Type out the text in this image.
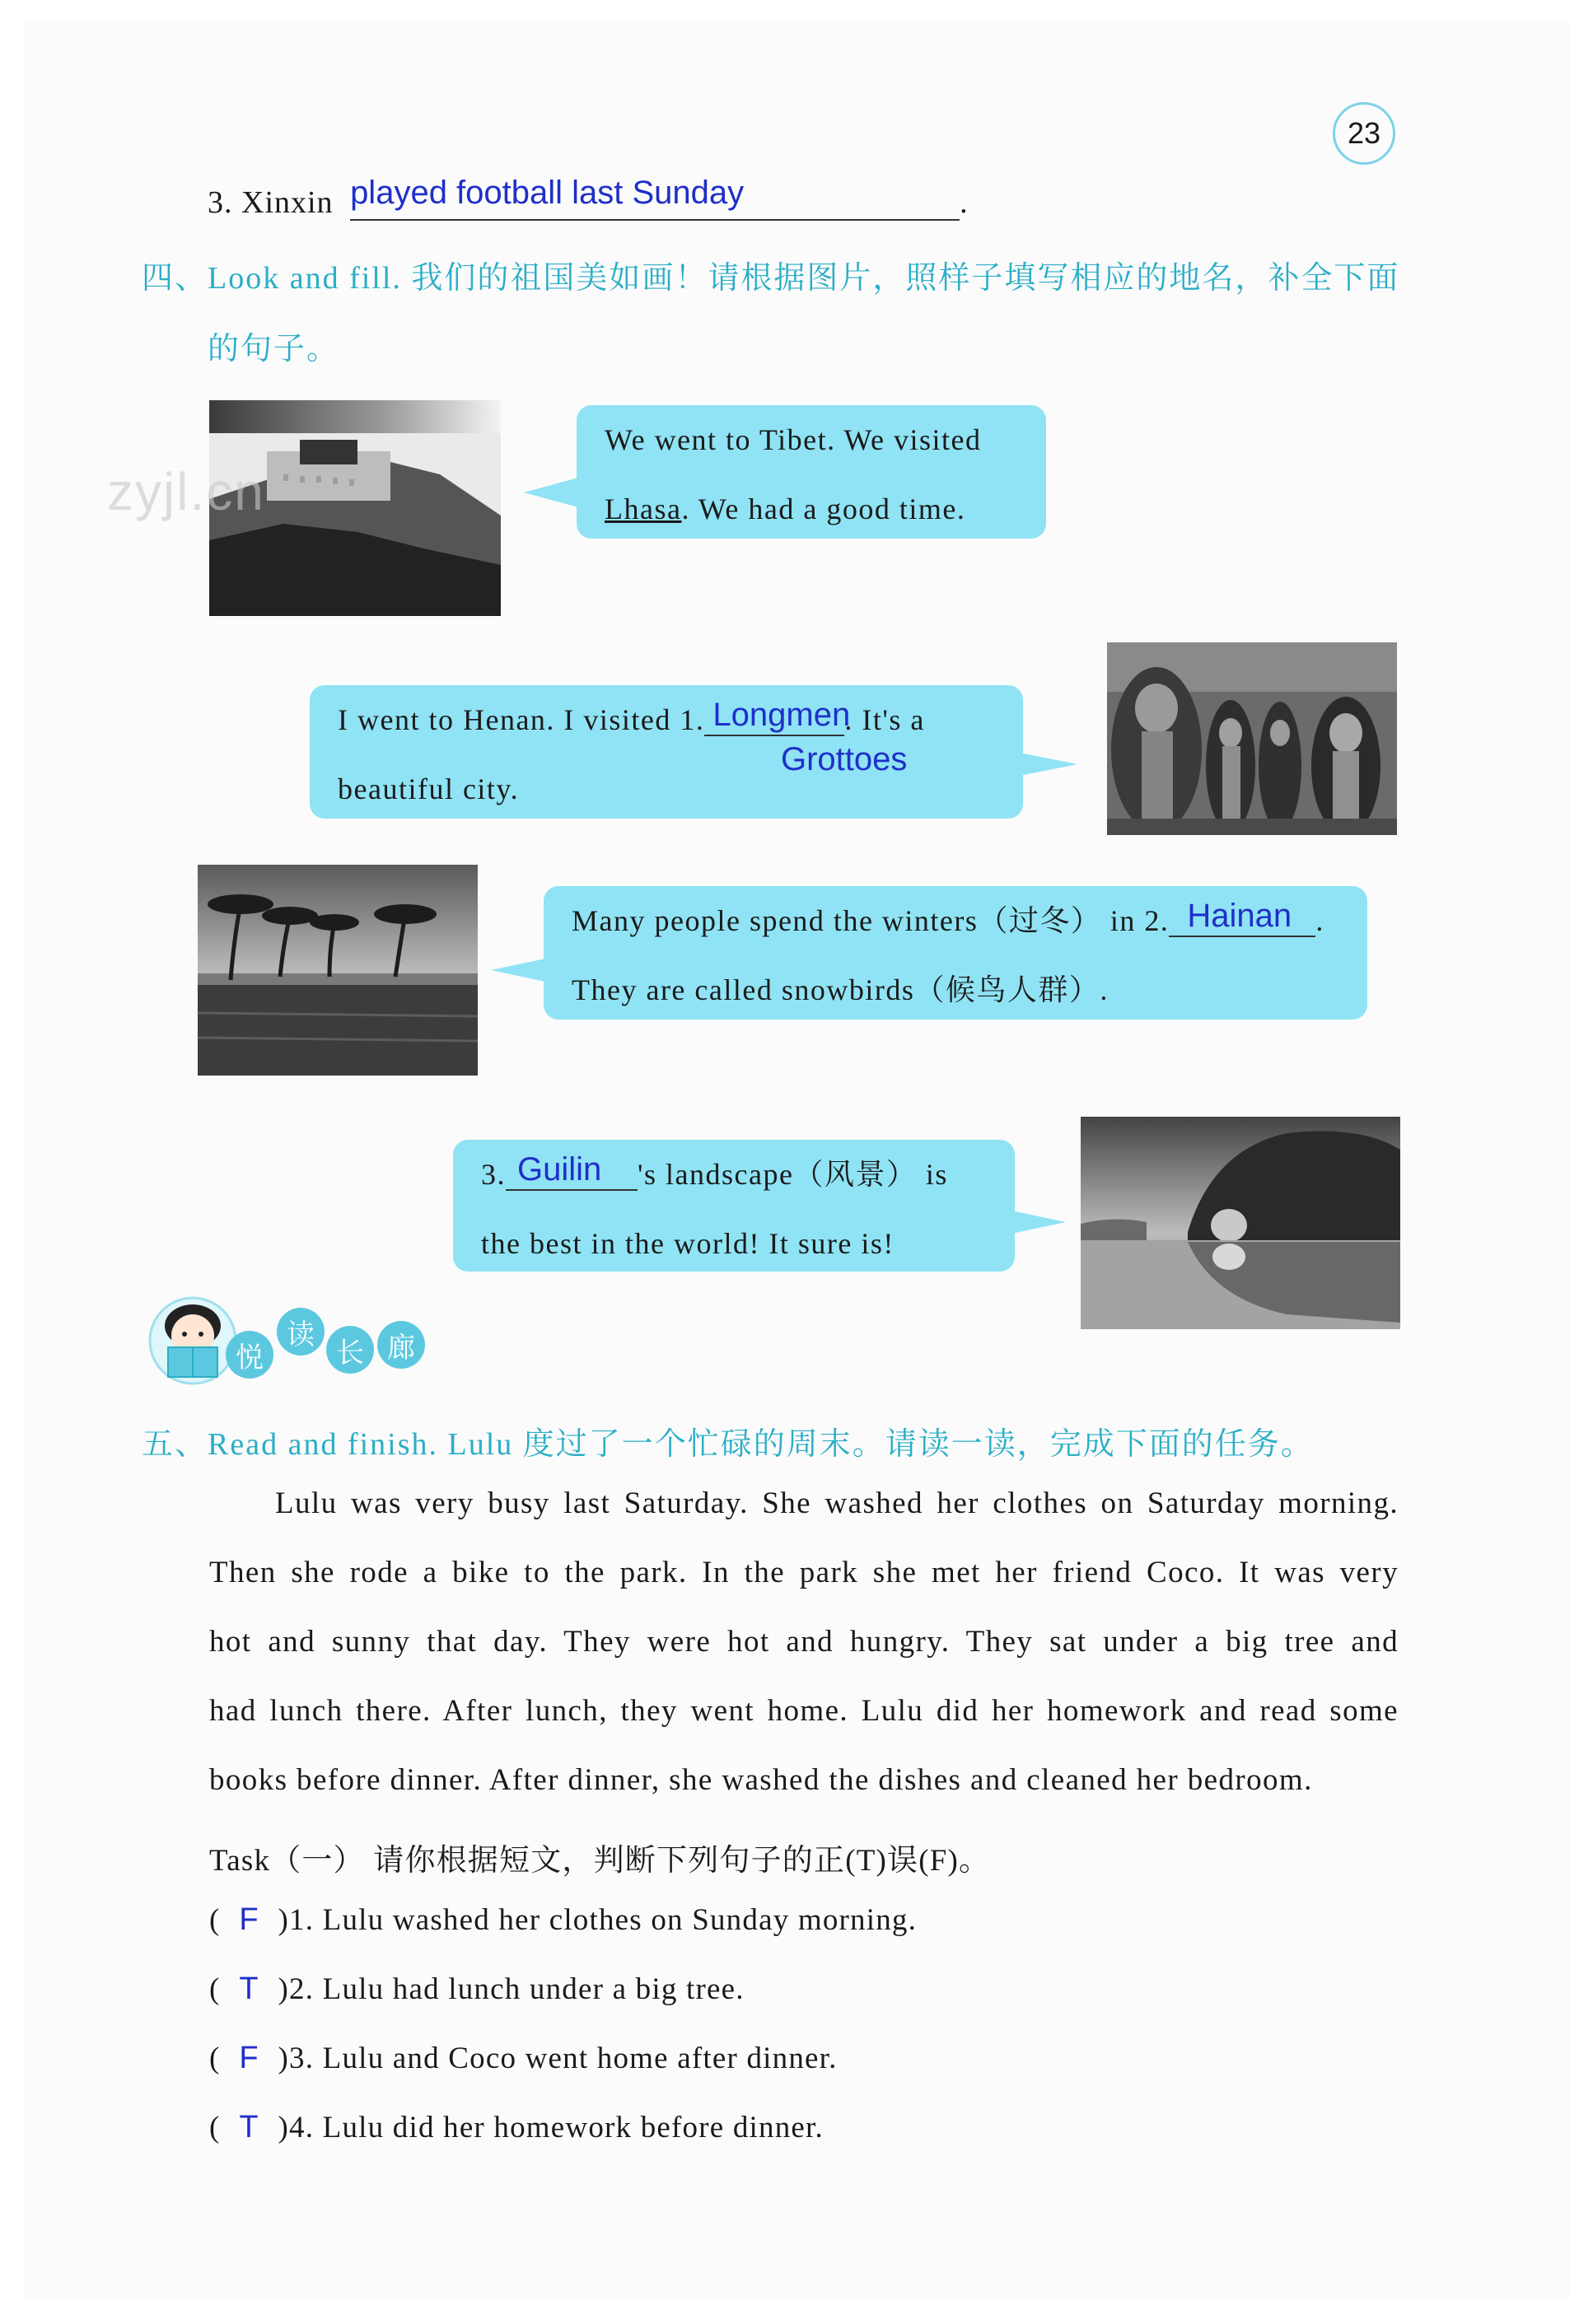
23
3. Xinxin played football last Sunday	.
四、Look and fill. 我们的祖国美如画！请根据图片，照样子填写相应的地名，补全下面
的句子。
zyjl.cn
We went to Tibet. We visited
Lhasa. We had a good time.
I went to Henan. I visited 1. Longmen
. It's a
beautiful city.
Grottoes
Many people spend the winters（过冬） in 2. Hainan .
They are called snowbirds（候鸟人群）.
3. Guilin 's landscape（风景） is
the best in the world! It sure is!
悦
读
长 廊
五、Read and finish. Lulu 度过了一个忙碌的周末。请读一读，完成下面的任务。

Lulu was very busy last Saturday. She washed her clothes on Saturday morning.

Then she rode a bike to the park. In the park she met her friend Coco. It was very

hot and sunny that day. They were hot and hungry. They sat under a big tree and

had lunch there. After lunch, they went home. Lulu did her homework and read some

books before dinner. After dinner, she washed the dishes and cleaned her bedroom.

Task（一） 请你根据短文，判断下列句子的正(T)误(F)。
( F )1. Lulu washed her clothes on Sunday morning.
( T )2. Lulu had lunch under a big tree.
( F )3. Lulu and Coco went home after dinner.
( T )4. Lulu did her homework before dinner.
